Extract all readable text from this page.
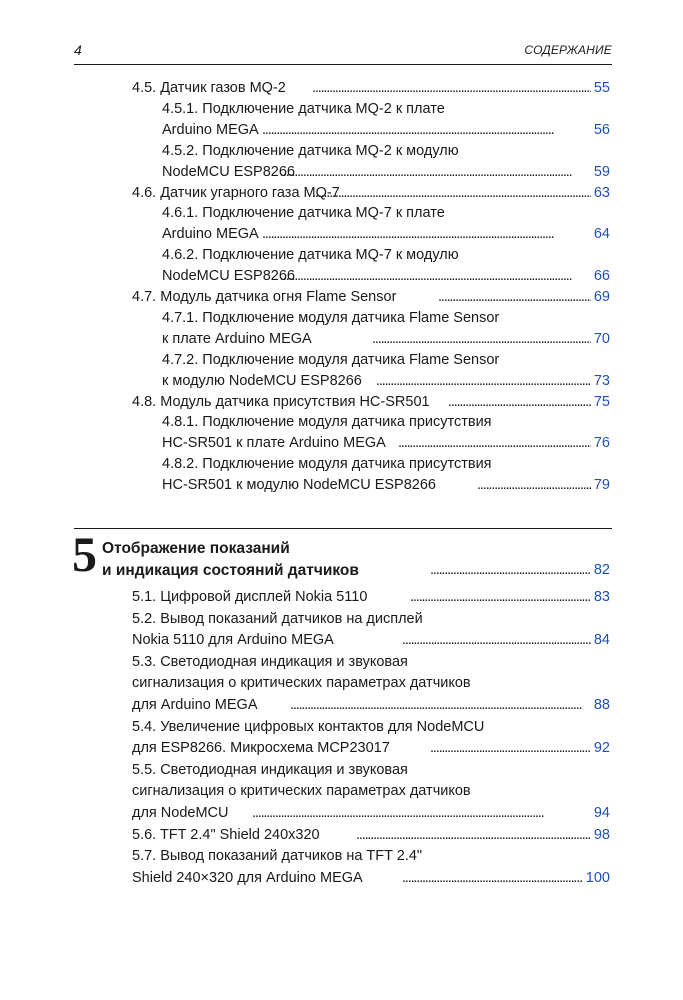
4	СОДЕРЖАНИЕ
4.5. Датчик газов MQ-2 . . .	55
4.5.1. Подключение датчика MQ-2 к плате
Arduino MEGA . . .	56
4.5.2. Подключение датчика MQ-2 к модулю
NodeMCU ESP8266 . . .	59
4.6. Датчик угарного газа MQ-7 . . .	63
4.6.1. Подключение датчика MQ-7 к плате
Arduino MEGA . . .	64
4.6.2. Подключение датчика MQ-7 к модулю
NodeMCU ESP8266 . . .	66
4.7. Модуль датчика огня Flame Sensor . . .	69
4.7.1. Подключение модуля датчика Flame Sensor
к плате Arduino MEGA . . .	70
4.7.2. Подключение модуля датчика Flame Sensor
к модулю NodeMCU ESP8266 . . .	73
4.8. Модуль датчика присутствия HC-SR501 . . .	75
4.8.1. Подключение модуля датчика присутствия
HC-SR501 к плате Arduino MEGA . . .	76
4.8.2. Подключение модуля датчика присутствия
HC-SR501 к модулю NodeMCU ESP8266 . . .	79
5 Отображение показаний
и индикация состояний датчиков . . .	82
5.1. Цифровой дисплей Nokia 5110 . . .	83
5.2. Вывод показаний датчиков на дисплей
Nokia 5110 для Arduino MEGA . . .	84
5.3. Светодиодная индикация и звуковая
сигнализация о критических параметрах датчиков
для Arduino MEGA . . .	88
5.4. Увеличение цифровых контактов для NodeMCU
для ESP8266. Микросхема MCP23017 . . .	92
5.5. Светодиодная индикация и звуковая
сигнализация о критических параметрах датчиков
для NodeMCU . . .	94
5.6. TFT 2.4" Shield 240x320 . . .	98
5.7. Вывод показаний датчиков на TFT 2.4"
Shield 240×320 для Arduino MEGA . . .	100
